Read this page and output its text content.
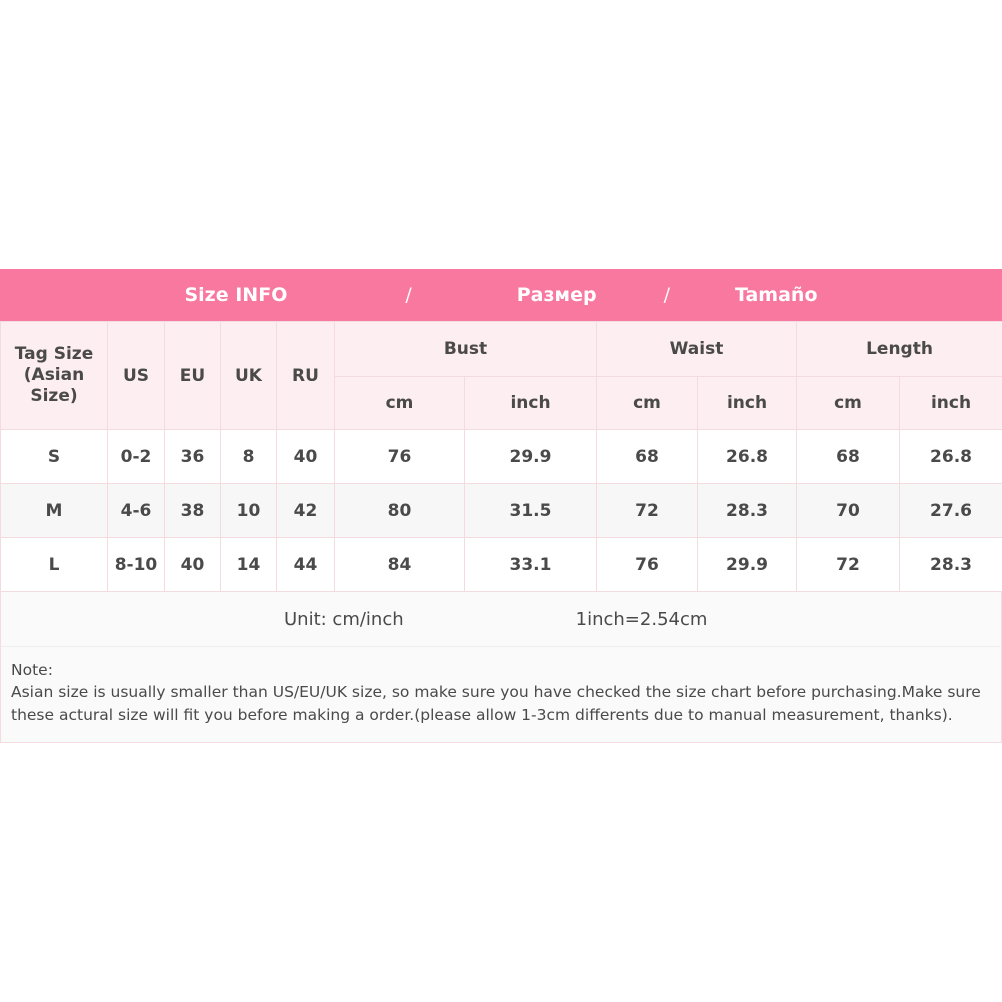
Size INFO	/	Размер	/	Tamaño
Tag Size
(Asian Size)	US	EU	UK	RU	Bust		Waist		Length	
					cm	inch	cm	inch	cm	inch
S	0-2	36	8	40	76	29.9	68	26.8	68	26.8
M	4-6	38	10	42	80	31.5	72	28.3	70	27.6
L	8-10	40	14	44	84	33.1	76	29.9	72	28.3
Unit: cm/inch	1inch=2.54cm
Note:
Asian size is usually smaller than US/EU/UK size, so make sure you have checked the size chart before purchasing.Make sure these actural size will fit you before making a order.(please allow 1-3cm differents due to manual measurement, thanks).
